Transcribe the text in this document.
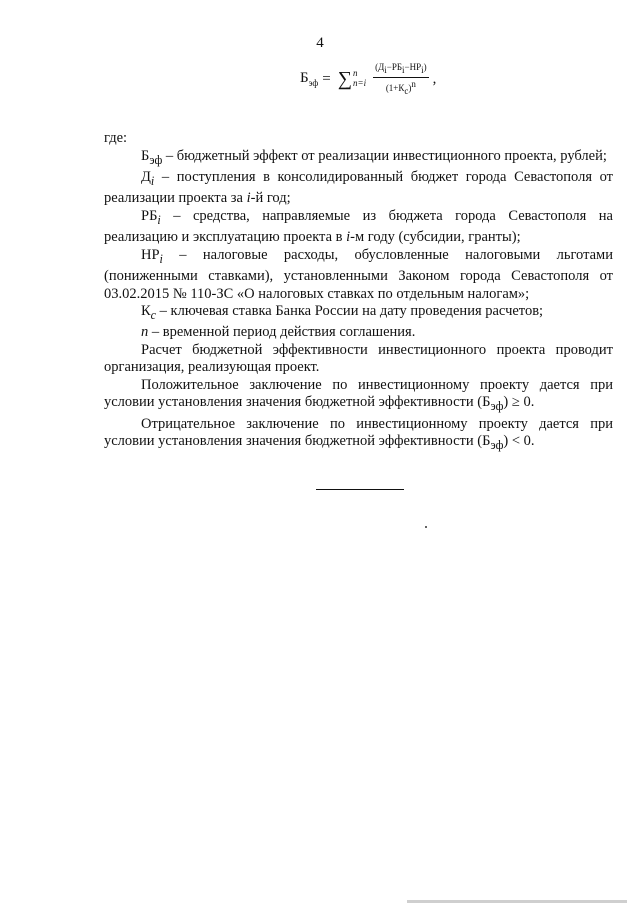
4
$Б_{эф}$ = ∑ n
$n=i \frac{(Д_i-РБ_i-НР_i)}{(1+К_с)^n}$ ,

где:

$Б_{эф}$ – бюджетный эффект от реализации инвестиционного проекта, рублей;

$Д_i$ – поступления в консолидированный бюджет города Севастополя от реализации проекта за i-й год;

$РБ_i$ – средства, направляемые из бюджета города Севастополя на реализацию и эксплуатацию проекта в i-м году (субсидии, гранты);

$НР_i$ – налоговые расходы, обусловленные налоговыми льготами (пониженными ставками), установленными Законом города Севастополя от 03.02.2015 № 110-ЗС «О налоговых ставках по отдельным налогам»;

$К_с$ – ключевая ставка Банка России на дату проведения расчетов;

n – временной период действия соглашения.

Расчет бюджетной эффективности инвестиционного проекта проводит организация, реализующая проект.

Положительное заключение по инвестиционному проекту дается при условии установления значения бюджетной эффективности $(Б_{эф}) \ge 0$.

Отрицательное заключение по инвестиционному проекту дается при условии установления значения бюджетной эффективности $(Б_{эф}) < 0$.
